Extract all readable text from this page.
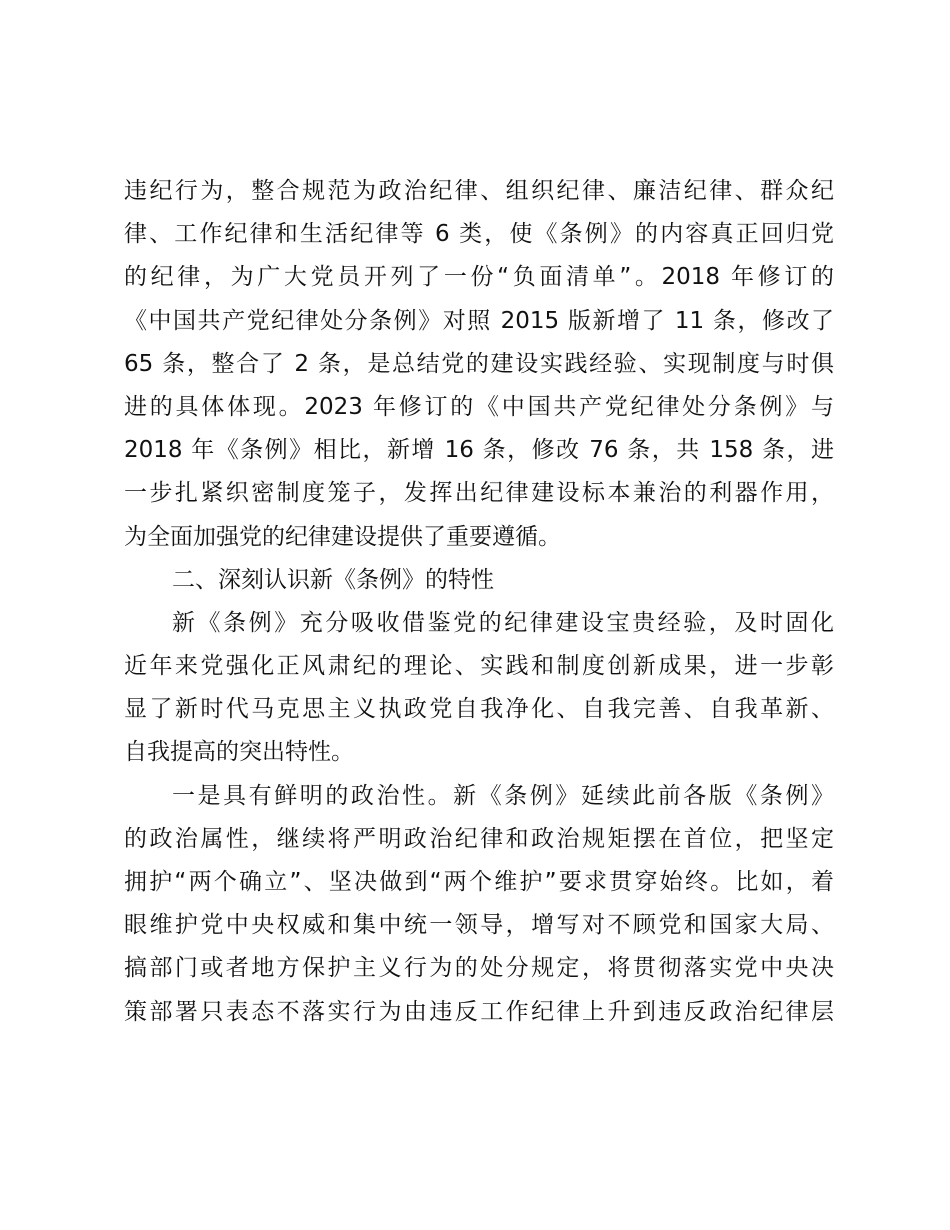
违纪行为，整合规范为政治纪律、组织纪律、廉洁纪律、群众纪
律、工作纪律和生活纪律等 6 类，使《条例》的内容真正回归党
的纪律，为广大党员开列了一份“负面清单”。2018 年修订的
《中国共产党纪律处分条例》对照 2015 版新增了 11 条，修改了
65 条，整合了 2 条，是总结党的建设实践经验、实现制度与时俱
进的具体体现。2023 年修订的《中国共产党纪律处分条例》与
2018 年《条例》相比，新增 16 条，修改 76 条，共 158 条，进
一步扎紧织密制度笼子，发挥出纪律建设标本兼治的利器作用，
为全面加强党的纪律建设提供了重要遵循。
二、深刻认识新《条例》的特性
新《条例》充分吸收借鉴党的纪律建设宝贵经验，及时固化
近年来党强化正风肃纪的理论、实践和制度创新成果，进一步彰
显了新时代马克思主义执政党自我净化、自我完善、自我革新、
自我提高的突出特性。
一是具有鲜明的政治性。新《条例》延续此前各版《条例》
的政治属性，继续将严明政治纪律和政治规矩摆在首位，把坚定
拥护“两个确立”、坚决做到“两个维护”要求贯穿始终。比如，着
眼维护党中央权威和集中统一领导，增写对不顾党和国家大局、
搞部门或者地方保护主义行为的处分规定，将贯彻落实党中央决
策部署只表态不落实行为由违反工作纪律上升到违反政治纪律层
